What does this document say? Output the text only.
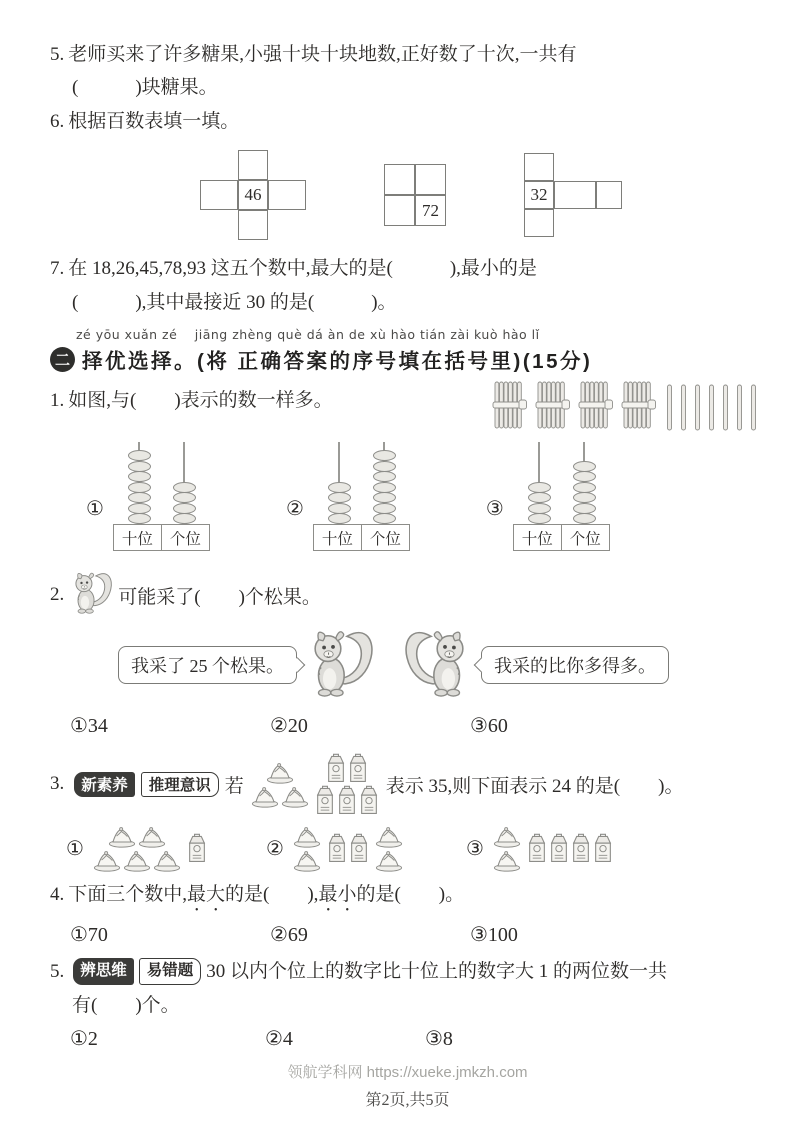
5. 老师买来了许多糖果,小强十块十块地数,正好数了十次,一共有
(　　　)块糖果。
6. 根据百数表填一填。
46
72
32
7. 在 18,26,45,78,93 这五个数中,最大的是(　　　),最小的是
(　　　),其中最接近 30 的是(　　　)。
zé yōu xuǎn zé　 jiāng zhèng què dá àn de xù hào tián zài kuò hào lǐ
二 择优选择。(将 正确答案的序号填在括号里)(15分)
1. 如图,与(　　)表示的数一样多。
①
十位	个位
②
十位	个位
③
十位	个位
2.	可能采了(　　)个松果。
我采了 25 个松果。	我采的比你多得多。
①34	②20	③60
3.	新素养	推理意识 若	表示 35,则下面表示 24 的是(　　)。
①	②	③
4. 下面三个数中,最大的是(　　),最小的是(　　)。
①70	②69	③100
5.	辨思维	易错题 30 以内个位上的数字比十位上的数字大 1 的两位数一共
有(　　)个。
①2	②4	③8
领航学科网 https://xueke.jmkzh.com
第2页,共5页
